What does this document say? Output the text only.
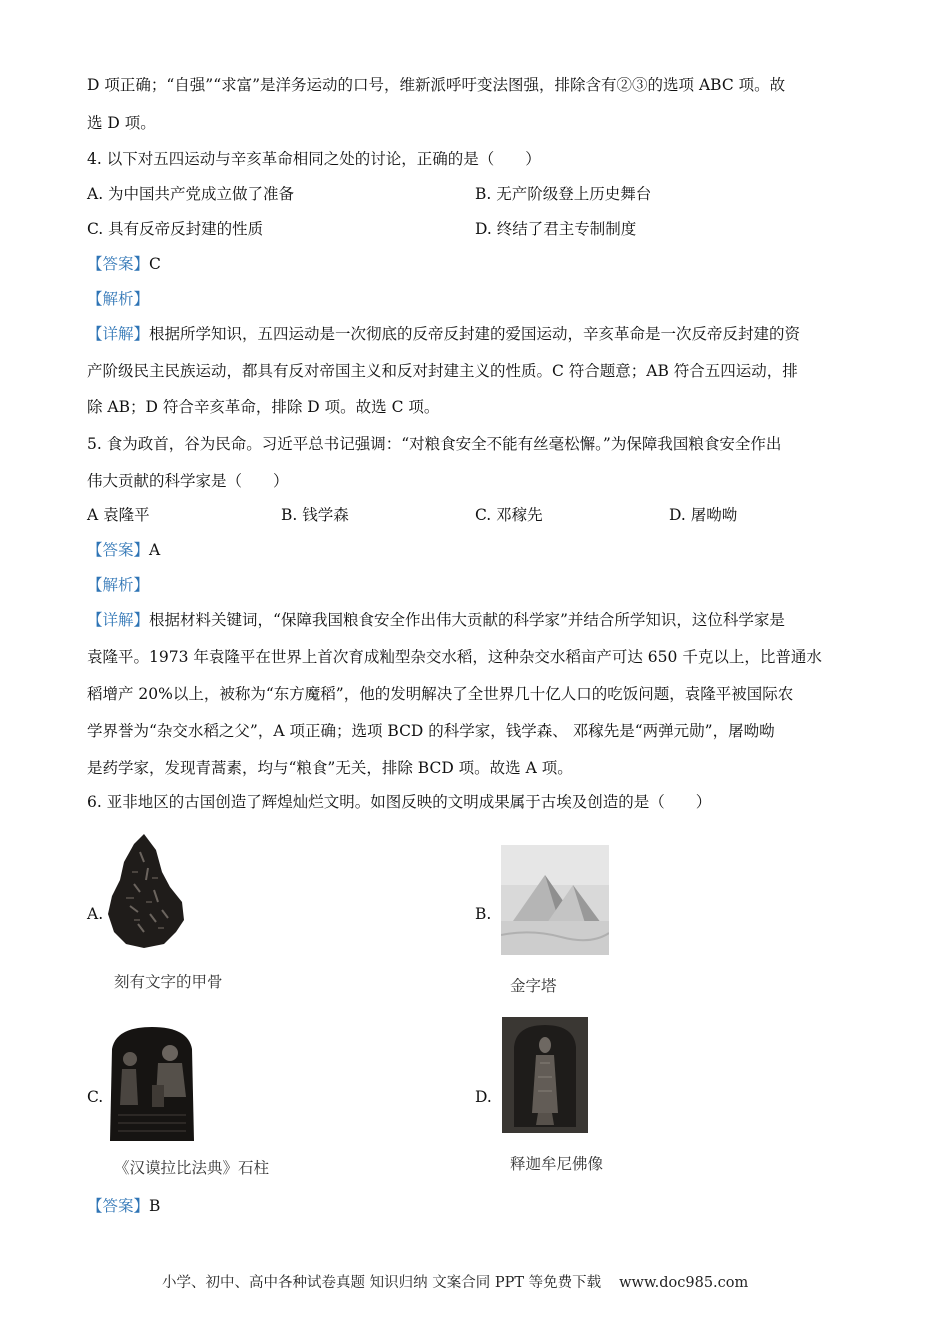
D 项正确；“自强”“求富”是洋务运动的口号，维新派呼吁变法图强，排除含有②③的选项 ABC 项。故
选 D 项。
4. 以下对五四运动与辛亥革命相同之处的讨论，正确的是（　　）
A. 为中国共产党成立做了准备	B. 无产阶级登上历史舞台
C. 具有反帝反封建的性质	D. 终结了君主专制制度
【答案】C
【解析】
【详解】根据所学知识，五四运动是一次彻底的反帝反封建的爱国运动，辛亥革命是一次反帝反封建的资
产阶级民主民族运动，都具有反对帝国主义和反对封建主义的性质。C 符合题意；AB 符合五四运动，排
除 AB；D 符合辛亥革命，排除 D 项。故选 C 项。
5. 食为政首，谷为民命。习近平总书记强调：“对粮食安全不能有丝毫松懈。”为保障我国粮食安全作出
伟大贡献的科学家是（　　）
A 袁隆平	B. 钱学森	C. 邓稼先	D. 屠呦呦
【答案】A
【解析】
【详解】根据材料关键词，“保障我国粮食安全作出伟大贡献的科学家”并结合所学知识，这位科学家是
袁隆平。1973 年袁隆平在世界上首次育成籼型杂交水稻，这种杂交水稻亩产可达 650 千克以上，比普通水
稻增产 20%以上，被称为“东方魔稻”，他的发明解决了全世界几十亿人口的吃饭问题，袁隆平被国际农
学界誉为“杂交水稻之父”，A 项正确；选项 BCD 的科学家，钱学森、 邓稼先是“两弹元勋”，屠呦呦
是药学家，发现青蒿素，均与“粮食”无关，排除 BCD 项。故选 A 项。
6. 亚非地区的古国创造了辉煌灿烂文明。如图反映的文明成果属于古埃及创造的是（　　）
A.
刻有文字的甲骨
B.
金字塔
C.
《汉谟拉比法典》石柱
D.
释迦牟尼佛像
【答案】B
小学、初中、高中各种试卷真题 知识归纳 文案合同 PPT 等免费下载 www.doc985.com
